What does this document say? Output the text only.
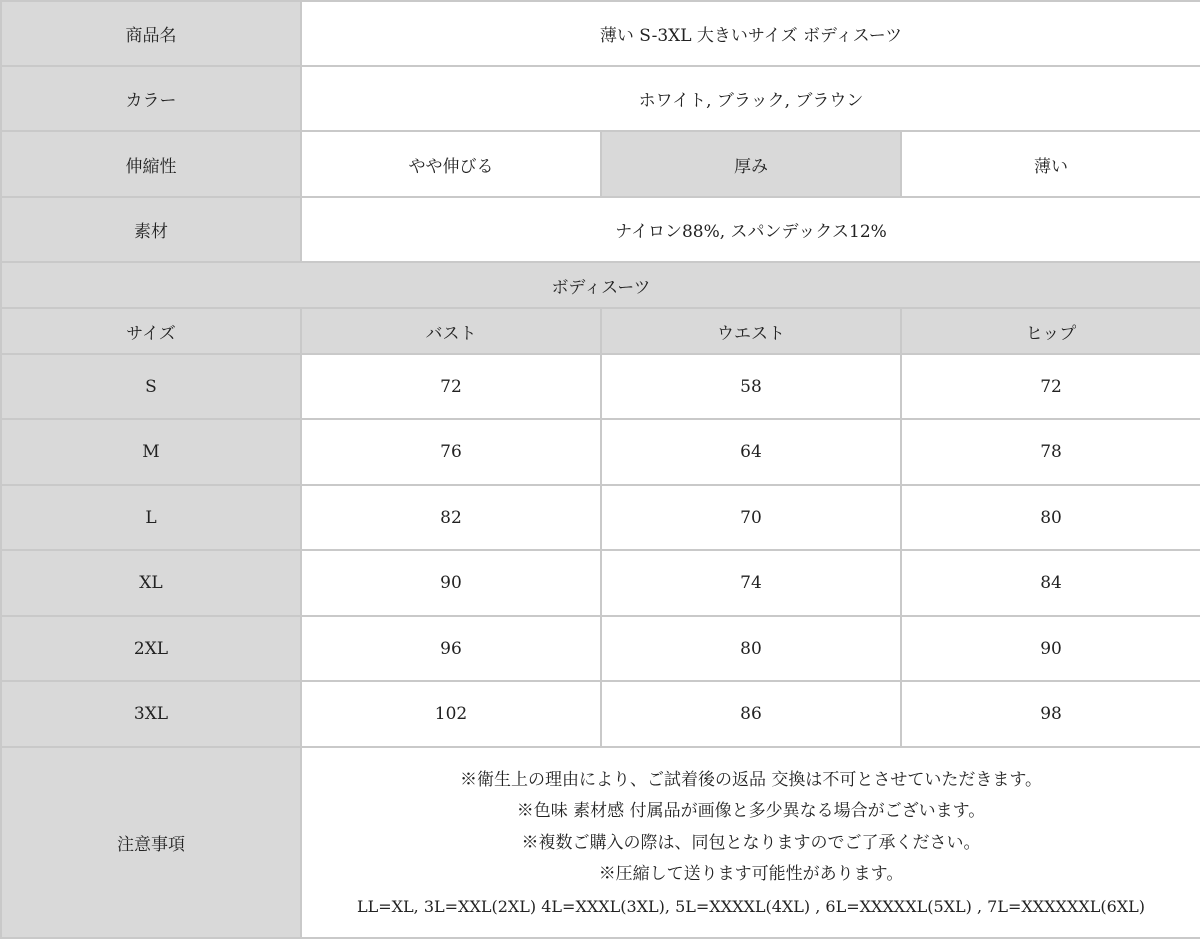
商品名	薄い S-3XL 大きいサイズ ボディスーツ		
カラー	ホワイト, ブラック, ブラウン		
伸縮性	やや伸びる	厚み	薄い
素材	ナイロン88%, スパンデックス12%		
ボディスーツ			
サイズ	バスト	ウエスト	ヒップ
S	72	58	72
M	76	64	78
L	82	70	80
XL	90	74	84
2XL	96	80	90
3XL	102	86	98
注意事項	※衛生上の理由により、ご試着後の返品 交換は不可とさせていただきます。
※色味 素材感 付属品が画像と多少異なる場合がございます。
※複数ご購入の際は、同包となりますのでご了承ください。
※圧縮して送ります可能性があります。
LL=XL, 3L=XXL(2XL) 4L=XXXL(3XL), 5L=XXXXL(4XL) , 6L=XXXXXL(5XL) , 7L=XXXXXXL(6XL)		
